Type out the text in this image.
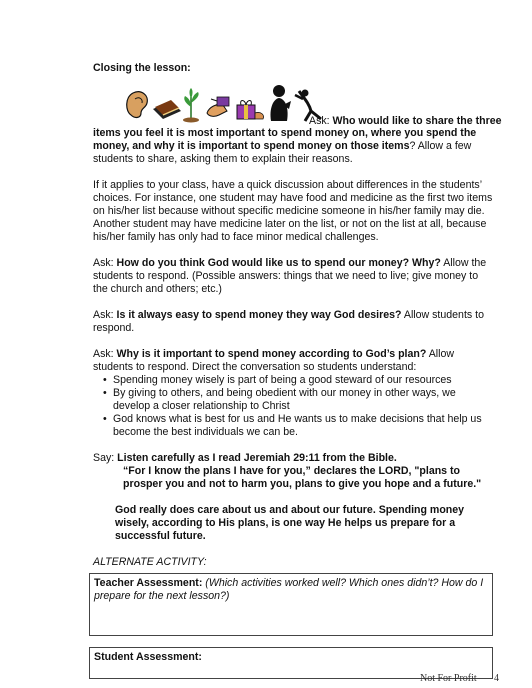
Closing the lesson:

Ask: Who would like to share the three

items you feel it is most important to spend money on, where you spend the money, and why it is important to spend money on those items? Allow a few students to share, asking them to explain their reasons.

If it applies to your class, have a quick discussion about differences in the students’ choices. For instance, one student may have food and medicine as the first two items on his/her list because without specific medicine someone in his/her family may die. Another student may have medicine later on the list, or not on the list at all, because his/her family has only had to face minor medical challenges.

Ask: How do you think God would like us to spend our money? Why? Allow the students to respond. (Possible answers: things that we need to live; give money to the church and others; etc.)

Ask: Is it always easy to spend money they way God desires? Allow students to respond.

Ask: Why is it important to spend money according to God’s plan? Allow students to respond. Direct the conversation so students understand:

• Spending money wisely is part of being a good steward of our resources
• By giving to others, and being obedient with our money in other ways, we develop a closer relationship to Christ
• God knows what is best for us and He wants us to make decisions that help us become the best individuals we can be.

Say: Listen carefully as I read Jeremiah 29:11 from the Bible.

“For I know the plans I have for you,” declares the LORD, "plans to prosper you and not to harm you, plans to give you hope and a future."

God really does care about us and about our future. Spending money wisely, according to His plans, is one way He helps us prepare for a successful future.

ALTERNATE ACTIVITY:

Teacher Assessment: (Which activities worked well? Which ones didn’t? How do I prepare for the next lesson?)
Student Assessment:
Not For Profit 4
